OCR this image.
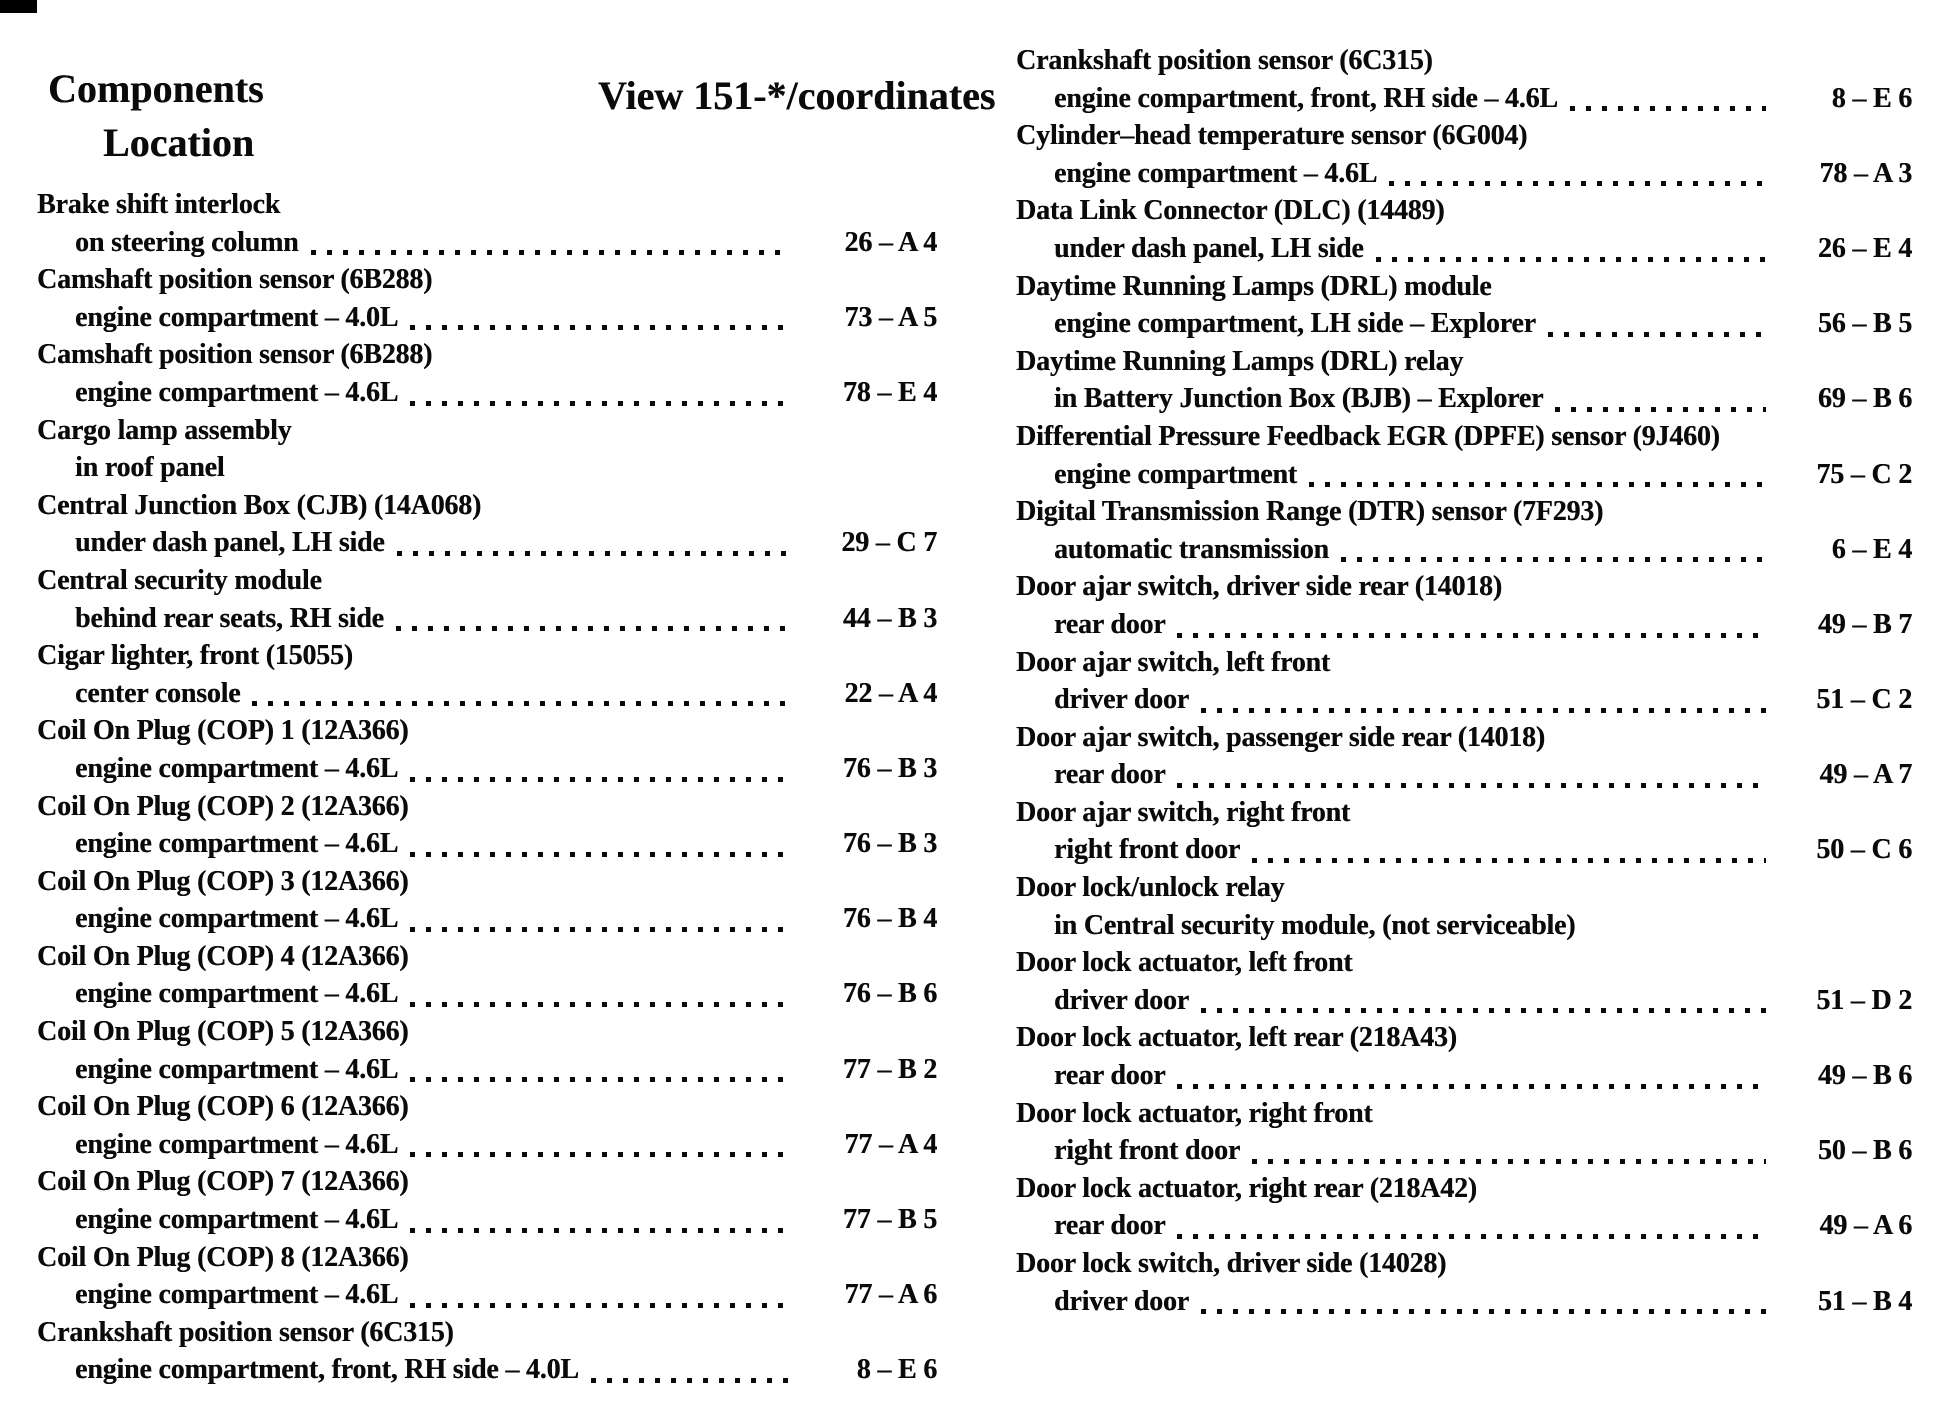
Components
Location
View 151-*/coordinates
Brake shift interlock
on steering column	26 – A 4
Camshaft position sensor (6B288)
engine compartment – 4.0L	73 – A 5
Camshaft position sensor (6B288)
engine compartment – 4.6L	78 – E 4
Cargo lamp assembly
in roof panel
Central Junction Box (CJB) (14A068)
under dash panel, LH side	29 – C 7
Central security module
behind rear seats, RH side	44 – B 3
Cigar lighter, front (15055)
center console	22 – A 4
Coil On Plug (COP) 1 (12A366)
engine compartment – 4.6L	76 – B 3
Coil On Plug (COP) 2 (12A366)
engine compartment – 4.6L	76 – B 3
Coil On Plug (COP) 3 (12A366)
engine compartment – 4.6L	76 – B 4
Coil On Plug (COP) 4 (12A366)
engine compartment – 4.6L	76 – B 6
Coil On Plug (COP) 5 (12A366)
engine compartment – 4.6L	77 – B 2
Coil On Plug (COP) 6 (12A366)
engine compartment – 4.6L	77 – A 4
Coil On Plug (COP) 7 (12A366)
engine compartment – 4.6L	77 – B 5
Coil On Plug (COP) 8 (12A366)
engine compartment – 4.6L	77 – A 6
Crankshaft position sensor (6C315)
engine compartment, front, RH side – 4.0L	8 – E 6
Crankshaft position sensor (6C315)
engine compartment, front, RH side – 4.6L	8 – E 6
Cylinder–head temperature sensor (6G004)
engine compartment – 4.6L	78 – A 3
Data Link Connector (DLC) (14489)
under dash panel, LH side	26 – E 4
Daytime Running Lamps (DRL) module
engine compartment, LH side – Explorer	56 – B 5
Daytime Running Lamps (DRL) relay
in Battery Junction Box (BJB) – Explorer	69 – B 6
Differential Pressure Feedback EGR (DPFE) sensor (9J460)
engine compartment	75 – C 2
Digital Transmission Range (DTR) sensor (7F293)
automatic transmission	6 – E 4
Door ajar switch, driver side rear (14018)
rear door	49 – B 7
Door ajar switch, left front
driver door	51 – C 2
Door ajar switch, passenger side rear (14018)
rear door	49 – A 7
Door ajar switch, right front
right front door	50 – C 6
Door lock/unlock relay
in Central security module, (not serviceable)
Door lock actuator, left front
driver door	51 – D 2
Door lock actuator, left rear (218A43)
rear door	49 – B 6
Door lock actuator, right front
right front door	50 – B 6
Door lock actuator, right rear (218A42)
rear door	49 – A 6
Door lock switch, driver side (14028)
driver door	51 – B 4
